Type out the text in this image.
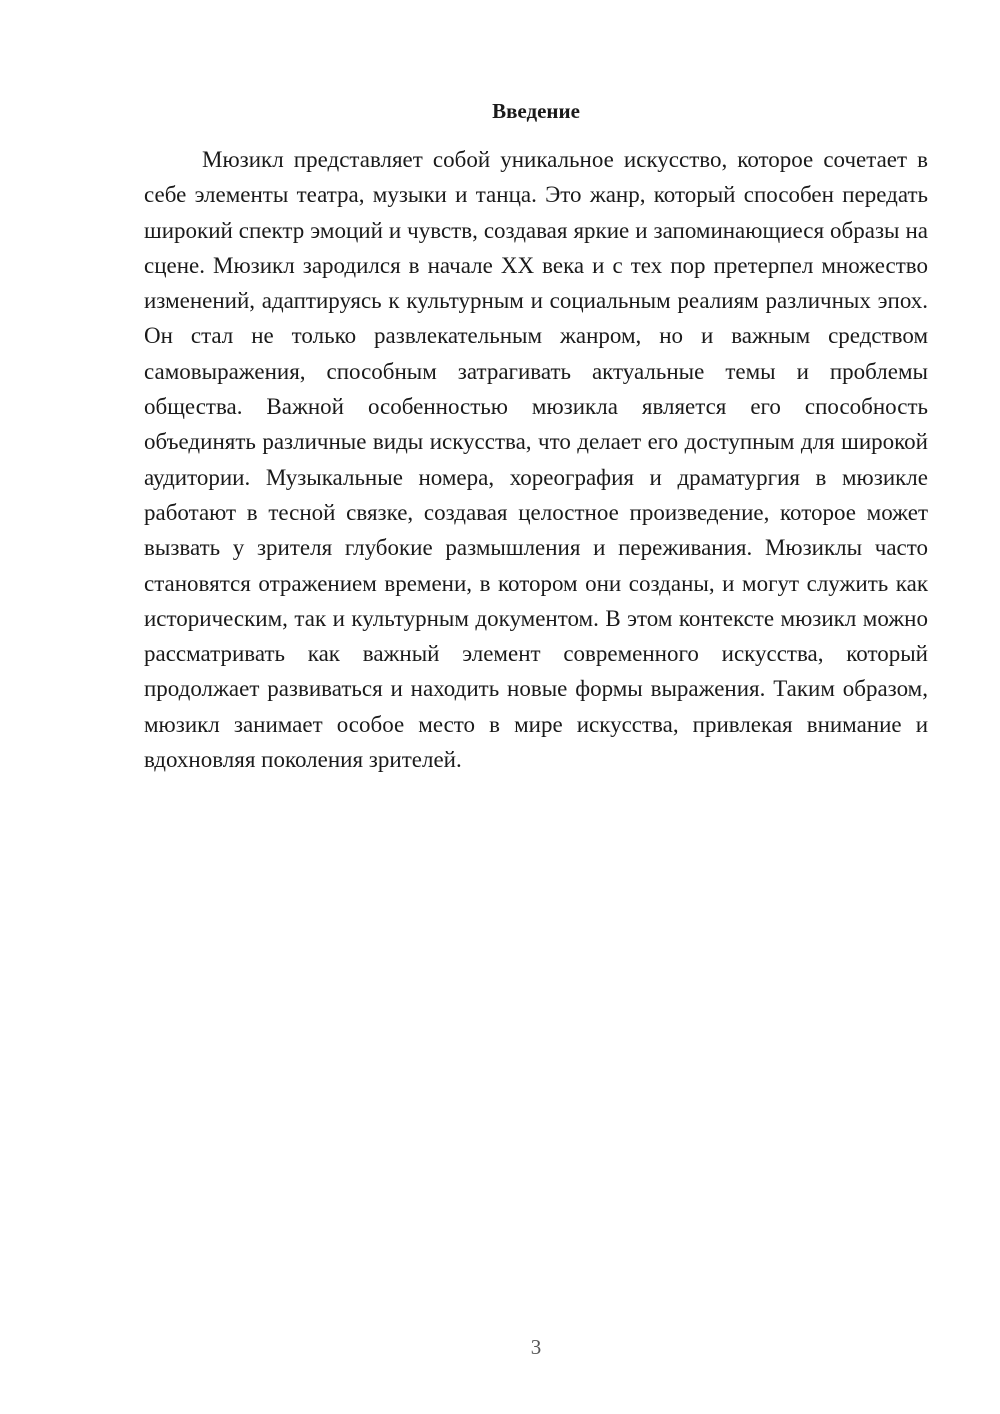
Введение

Мюзикл представляет собой уникальное искусство, которое сочетает в себе элементы театра, музыки и танца. Это жанр, который способен передать широкий спектр эмоций и чувств, создавая яркие и запоминающиеся образы на сцене. Мюзикл зародился в начале XX века и с тех пор претерпел множество изменений, адаптируясь к культурным и социальным реалиям различных эпох. Он стал не только развлекательным жанром, но и важным средством самовыражения, способным затрагивать актуальные темы и проблемы общества. Важной особенностью мюзикла является его способность объединять различные виды искусства, что делает его доступным для широкой аудитории. Музыкальные номера, хореография и драматургия в мюзикле работают в тесной связке, создавая целостное произведение, которое может вызвать у зрителя глубокие размышления и переживания. Мюзиклы часто становятся отражением времени, в котором они созданы, и могут служить как историческим, так и культурным документом. В этом контексте мюзикл можно рассматривать как важный элемент современного искусства, который продолжает развиваться и находить новые формы выражения. Таким образом, мюзикл занимает особое место в мире искусства, привлекая внимание и вдохновляя поколения зрителей.

3
